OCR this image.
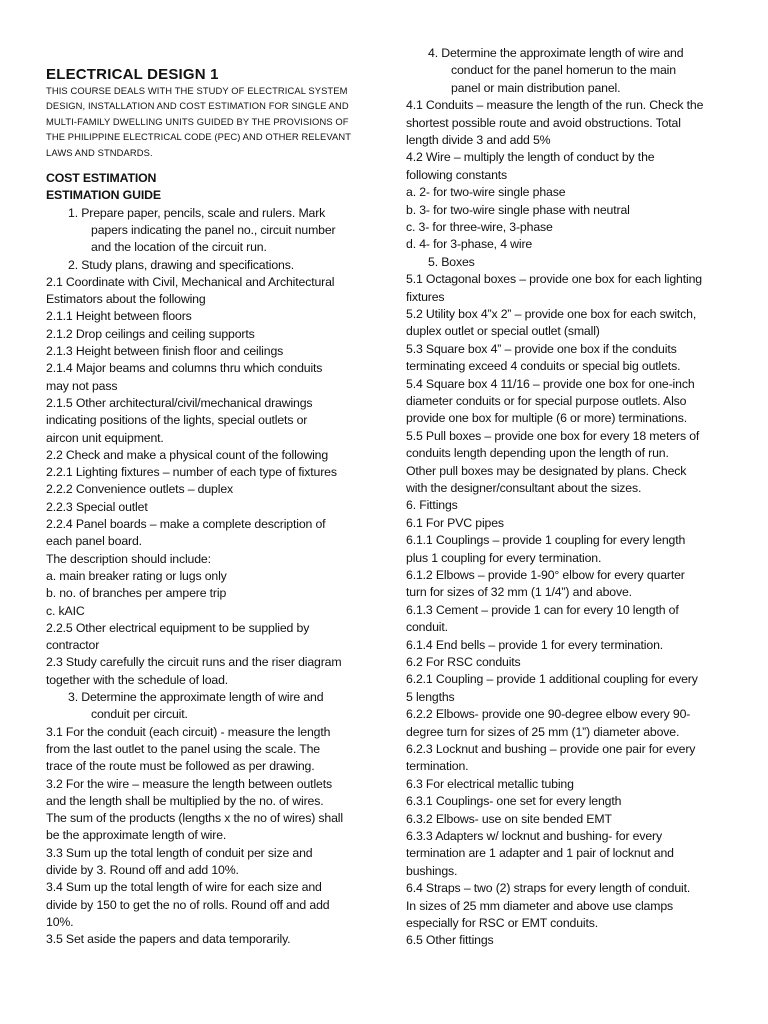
ELECTRICAL DESIGN 1
THIS COURSE DEALS WITH THE STUDY OF ELECTRICAL SYSTEM
DESIGN, INSTALLATION AND COST ESTIMATION FOR SINGLE AND
MULTI-FAMILY DWELLING UNITS GUIDED BY THE PROVISIONS OF
THE PHILIPPINE ELECTRICAL CODE (PEC) AND OTHER RELEVANT
LAWS AND STNDARDS.
COST ESTIMATION
ESTIMATION GUIDE
1. Prepare paper, pencils, scale and rulers. Mark
papers indicating the panel no., circuit number
and the location of the circuit run.
2. Study plans, drawing and specifications.
2.1 Coordinate with Civil, Mechanical and Architectural
Estimators about the following
2.1.1 Height between floors
2.1.2 Drop ceilings and ceiling supports
2.1.3 Height between finish floor and ceilings
2.1.4 Major beams and columns thru which conduits
may not pass
2.1.5 Other architectural/civil/mechanical drawings
indicating positions of the lights, special outlets or
aircon unit equipment.
2.2 Check and make a physical count of the following
2.2.1 Lighting fixtures – number of each type of fixtures
2.2.2 Convenience outlets – duplex
2.2.3 Special outlet
2.2.4 Panel boards – make a complete description of
each panel board.
The description should include:
a. main breaker rating or lugs only
b. no. of branches per ampere trip
c. kAIC
2.2.5 Other electrical equipment to be supplied by
contractor
2.3 Study carefully the circuit runs and the riser diagram
together with the schedule of load.
3. Determine the approximate length of wire and
conduit per circuit.
3.1 For the conduit (each circuit) - measure the length
from the last outlet to the panel using the scale. The
trace of the route must be followed as per drawing.
3.2 For the wire – measure the length between outlets
and the length shall be multiplied by the no. of wires.
The sum of the products (lengths x the no of wires) shall
be the approximate length of wire.
3.3 Sum up the total length of conduit per size and
divide by 3. Round off and add 10%.
3.4 Sum up the total length of wire for each size and
divide by 150 to get the no of rolls. Round off and add
10%.
3.5 Set aside the papers and data temporarily.
4. Determine the approximate length of wire and
conduct for the panel homerun to the main
panel or main distribution panel.
4.1 Conduits – measure the length of the run. Check the
shortest possible route and avoid obstructions. Total
length divide 3 and add 5%
4.2 Wire – multiply the length of conduct by the
following constants
a. 2- for two-wire single phase
b. 3- for two-wire single phase with neutral
c. 3- for three-wire, 3-phase
d. 4- for 3-phase, 4 wire
5. Boxes
5.1 Octagonal boxes – provide one box for each lighting
fixtures
5.2 Utility box 4”x 2” – provide one box for each switch,
duplex outlet or special outlet (small)
5.3 Square box 4” – provide one box if the conduits
terminating exceed 4 conduits or special big outlets.
5.4 Square box 4 11/16 – provide one box for one-inch
diameter conduits or for special purpose outlets. Also
provide one box for multiple (6 or more) terminations.
5.5 Pull boxes – provide one box for every 18 meters of
conduits length depending upon the length of run.
Other pull boxes may be designated by plans. Check
with the designer/consultant about the sizes.
6. Fittings
6.1 For PVC pipes
6.1.1 Couplings – provide 1 coupling for every length
plus 1 coupling for every termination.
6.1.2 Elbows – provide 1-90° elbow for every quarter
turn for sizes of 32 mm (1 1/4”) and above.
6.1.3 Cement – provide 1 can for every 10 length of
conduit.
6.1.4 End bells – provide 1 for every termination.
6.2 For RSC conduits
6.2.1 Coupling – provide 1 additional coupling for every
5 lengths
6.2.2 Elbows- provide one 90-degree elbow every 90-
degree turn for sizes of 25 mm (1”) diameter above.
6.2.3 Locknut and bushing – provide one pair for every
termination.
6.3 For electrical metallic tubing
6.3.1 Couplings- one set for every length
6.3.2 Elbows- use on site bended EMT
6.3.3 Adapters w/ locknut and bushing- for every
termination are 1 adapter and 1 pair of locknut and
bushings.
6.4 Straps – two (2) straps for every length of conduit.
In sizes of 25 mm diameter and above use clamps
especially for RSC or EMT conduits.
6.5 Other fittings
